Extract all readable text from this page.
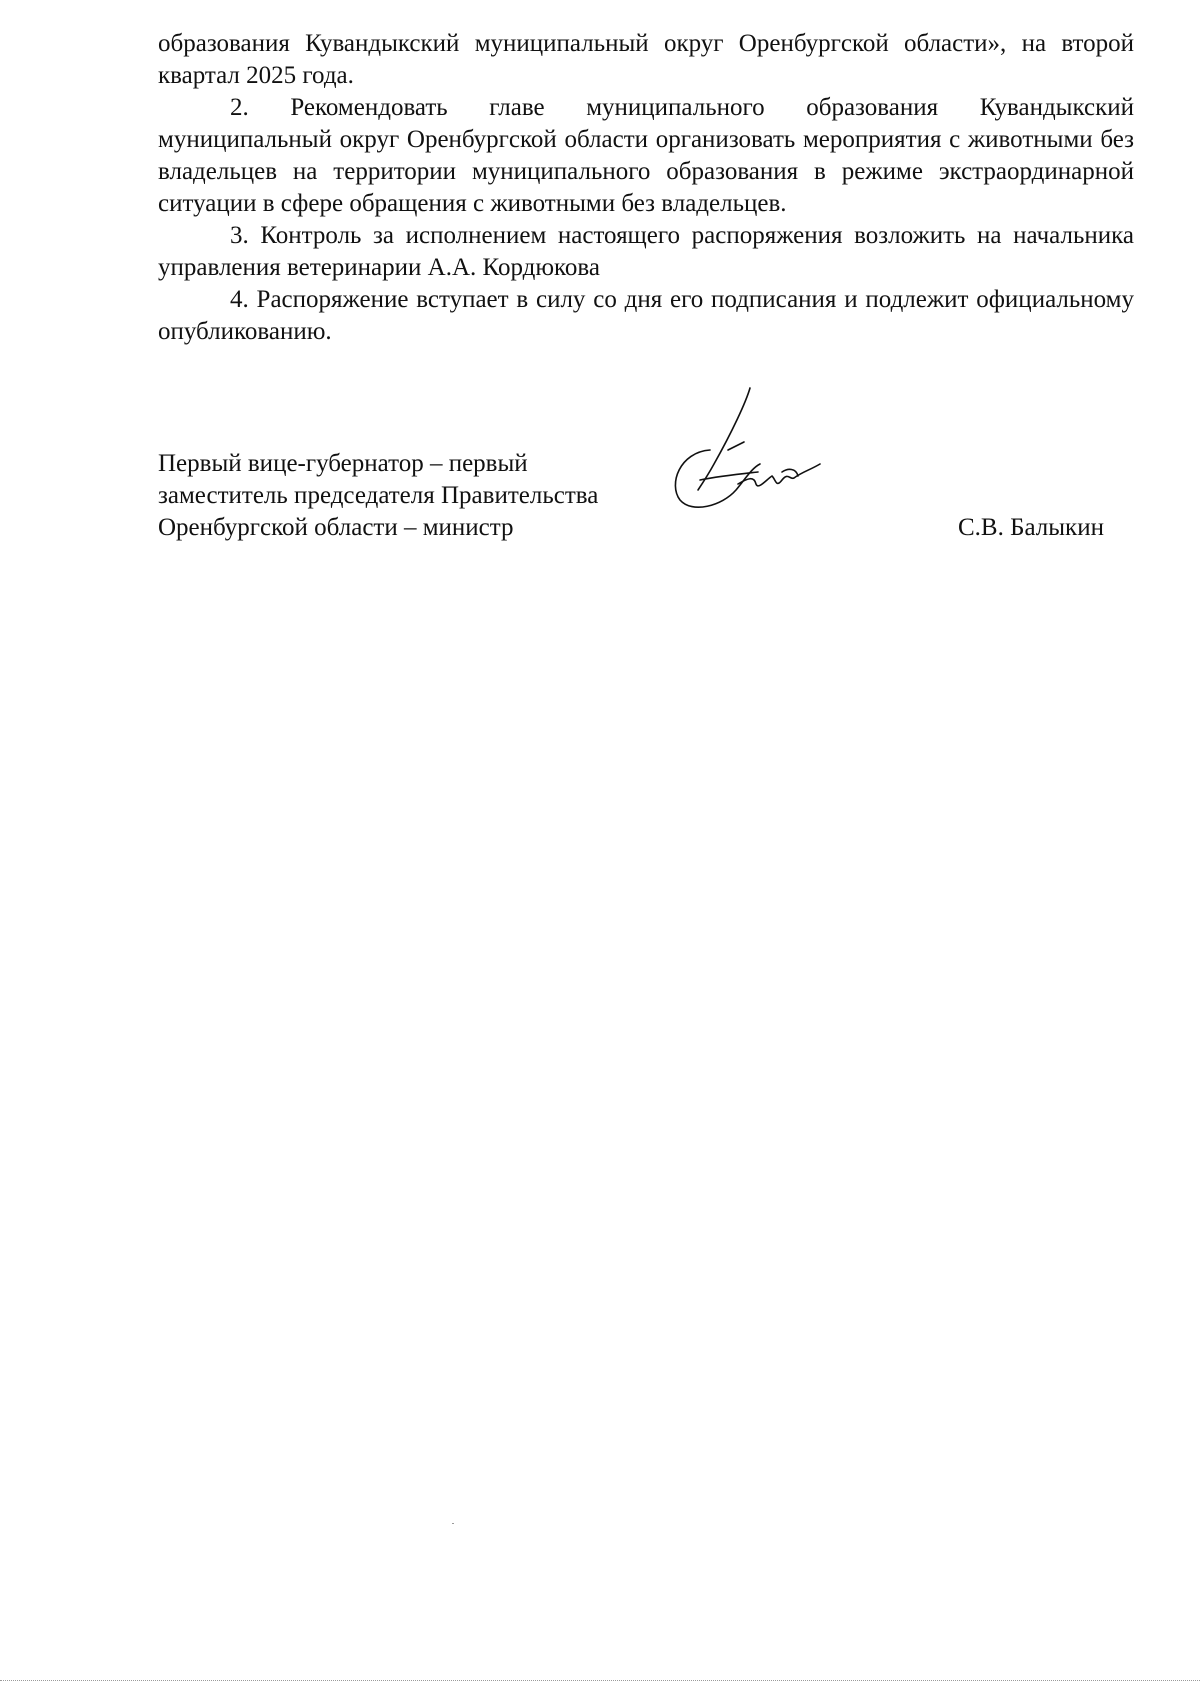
образования Кувандыкский муниципальный округ Оренбургской области», на второй квартал 2025 года.

2. Рекомендовать главе муниципального образования Кувандыкский муниципальный округ Оренбургской области организовать мероприятия с животными без владельцев на территории муниципального образования в режиме экстраординарной ситуации в сфере обращения с животными без владельцев.

3. Контроль за исполнением настоящего распоряжения возложить на начальника управления ветеринарии А.А. Кордюкова

4. Распоряжение вступает в силу со дня его подписания и подлежит официальному опубликованию.

Первый вице-губернатор – первый
заместитель председателя Правительства
Оренбургской области – министр	С.В. Балыкин
